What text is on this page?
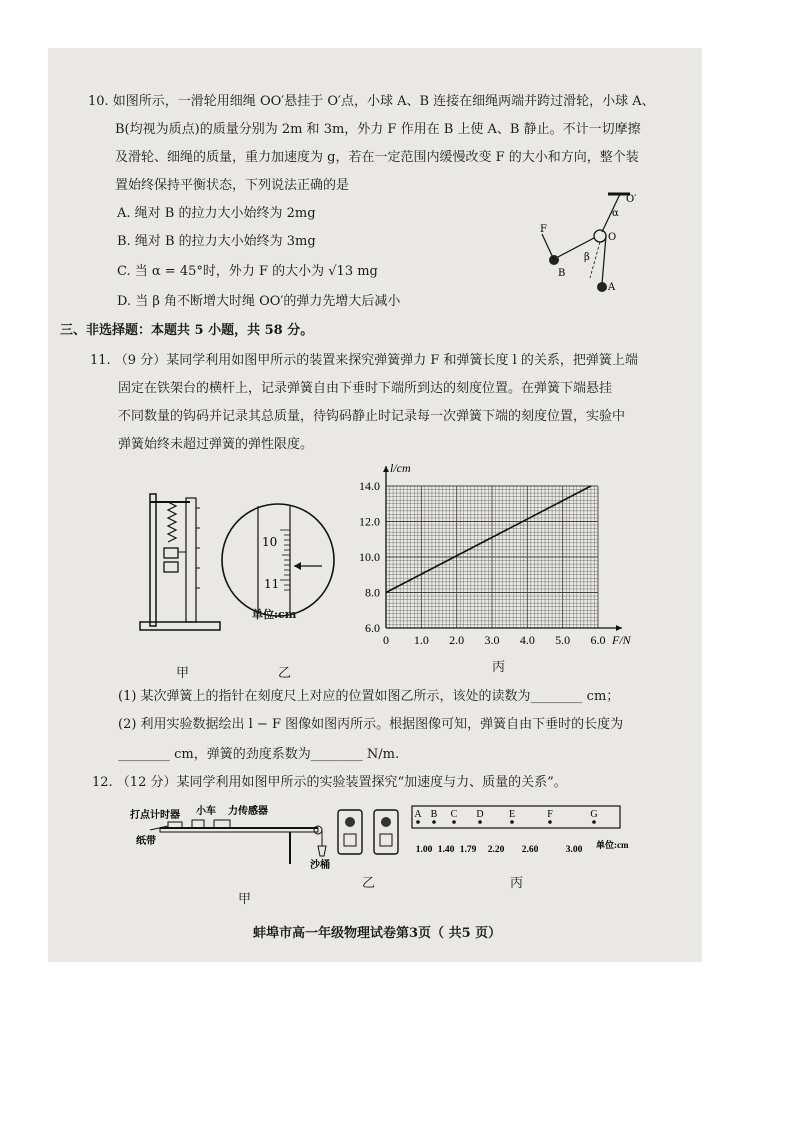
10. 如图所示，一滑轮用细绳 OO′悬挂于 O′点，小球 A、B 连接在细绳两端并跨过滑轮，小球 A、
B(均视为质点)的质量分别为 2m 和 3m，外力 F 作用在 B 上使 A、B 静止。不计一切摩擦
及滑轮、细绳的质量，重力加速度为 g，若在一定范围内缓慢改变 F 的大小和方向，整个装
置始终保持平衡状态，下列说法正确的是
A. 绳对 B 的拉力大小始终为 2mg
B. 绳对 B 的拉力大小始终为 3mg
C. 当 α = 45°时，外力 F 的大小为 √13 mg
D. 当 β 角不断增大时绳 OO′的弹力先增大后减小
O′
α
O
F
β
B
A
三、非选择题：本题共 5 小题，共 58 分。
11. （9 分）某同学利用如图甲所示的装置来探究弹簧弹力 F 和弹簧长度 l 的关系，把弹簧上端
固定在铁架台的横杆上，记录弹簧自由下垂时下端所到达的刻度位置。在弹簧下端悬挂
不同数量的钩码并记录其总质量，待钩码静止时记录每一次弹簧下端的刻度位置，实验中
弹簧始终未超过弹簧的弹性限度。
甲
10
11
单位:cm
乙
0 1.0 2.0 3.0 4.0 5.0 6.0
6.0
8.0
10.0
12.0
14.0
F/N
l/cm
丙
(1) 某次弹簧上的指针在刻度尺上对应的位置如图乙所示，该处的读数为________ cm；
(2) 利用实验数据绘出 l − F 图像如图丙所示。根据图像可知，弹簧自由下垂时的长度为
________ cm，弹簧的劲度系数为________ N/m.
12. （12 分）某同学利用如图甲所示的实验装置探究“加速度与力、质量的关系”。
打点计时器 小车 力传感器
纸带
沙桶
甲
乙
A B C D	E	F	G
1.00 1.40 1.79 2.20 2.60	3.00 单位:cm
丙
蚌埠市高一年级物理试卷第3页（ 共5 页）
